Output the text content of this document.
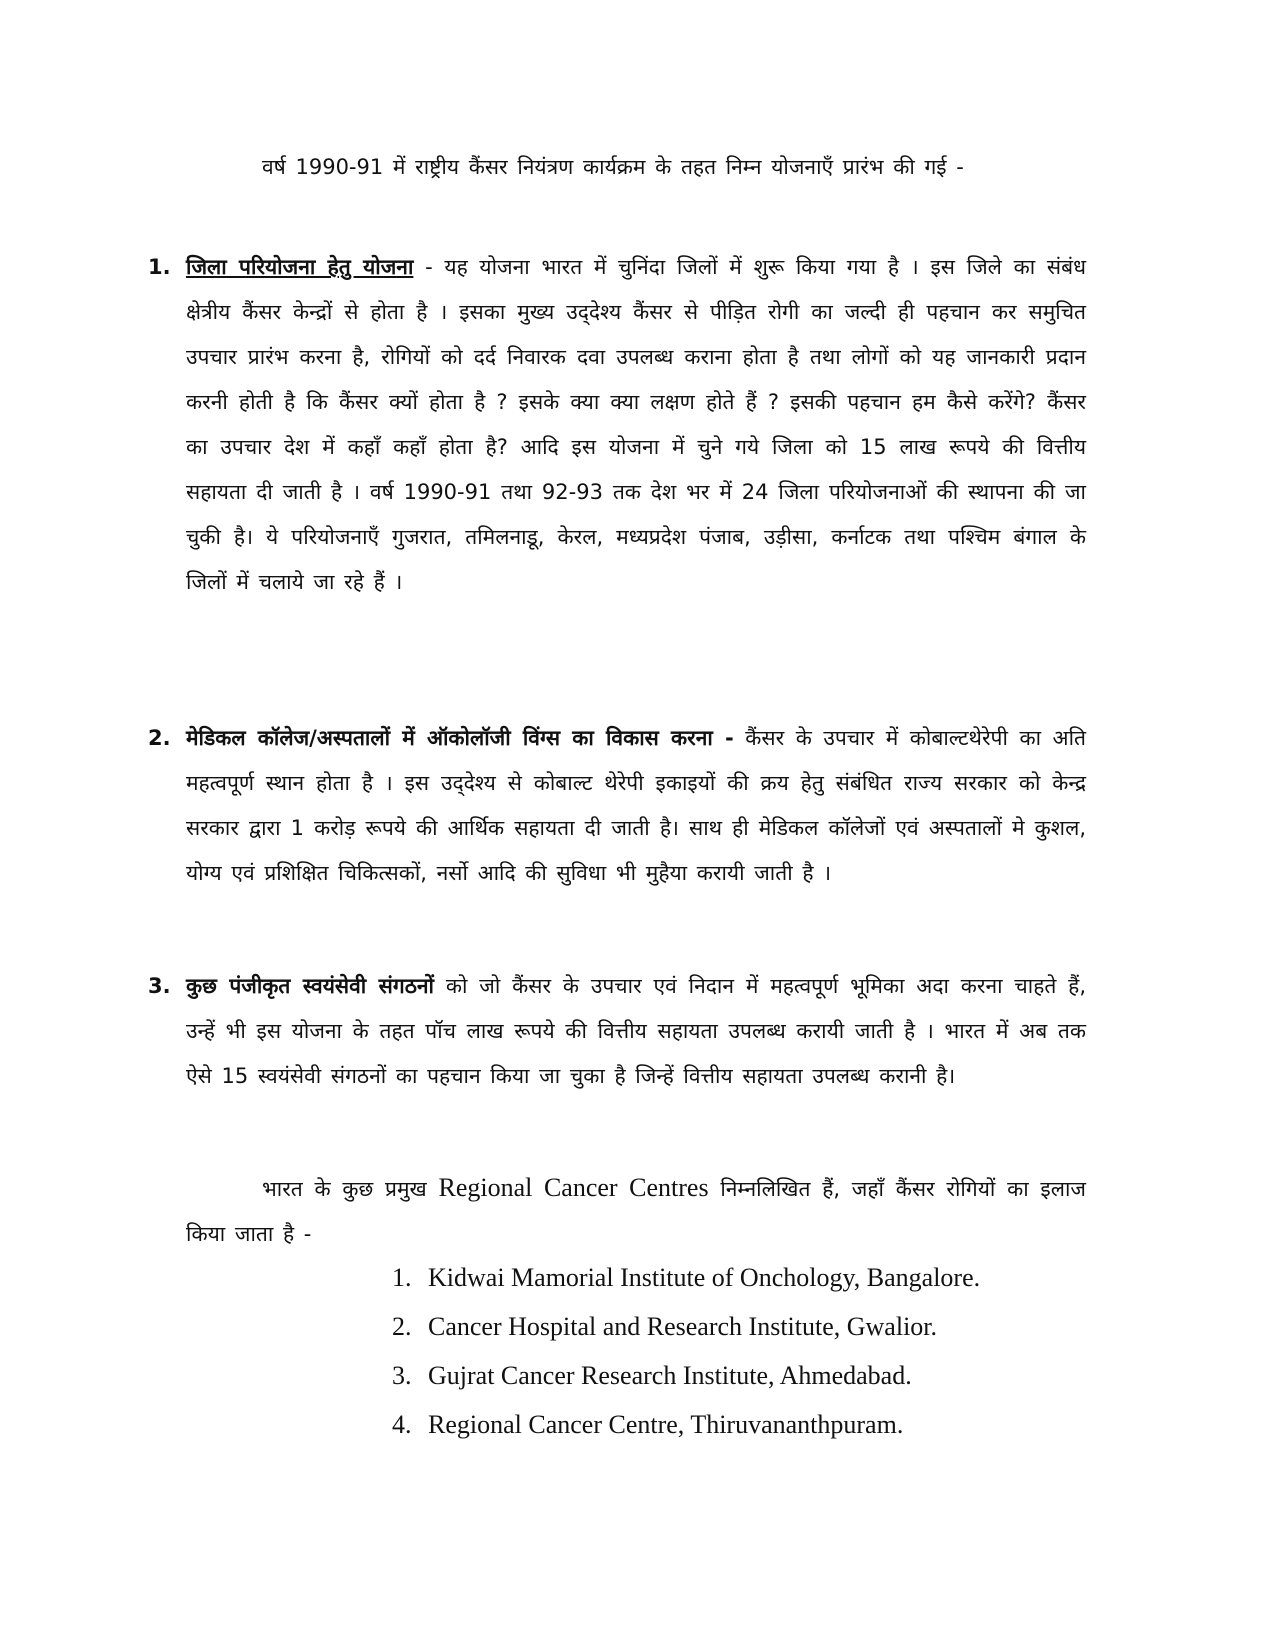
वर्ष 1990-91 में राष्ट्रीय कैंसर नियंत्रण कार्यक्रम के तहत निम्न योजनाएँ प्रारंभ की गई -

1. जिला परियोजना हेतु योजना - यह योजना भारत में चुनिंदा जिलों में शुरू किया गया है । इस जिले का संबंध क्षेत्रीय कैंसर केन्द्रों से होता है । इसका मुख्य उद्‌देश्य कैंसर से पीड़ित रोगी का जल्दी ही पहचान कर समुचित उपचार प्रारंभ करना है, रोगियों को दर्द निवारक दवा उपलब्ध कराना होता है तथा लोगों को यह जानकारी प्रदान करनी होती है कि कैंसर क्यों होता है ? इसके क्या क्या लक्षण होते हैं ? इसकी पहचान हम कैसे करेंगे? कैंसर का उपचार देश में कहाँ कहाँ होता है? आदि इस योजना में चुने गये जिला को 15 लाख रूपये की वित्तीय सहायता दी जाती है । वर्ष 1990-91 तथा 92-93 तक देश भर में 24 जिला परियोजनाओं की स्थापना की जा चुकी है। ये परियोजनाएँ गुजरात, तमिलनाडू, केरल, मध्यप्रदेश पंजाब, उड़ीसा, कर्नाटक तथा पश्चिम बंगाल के जिलों में चलाये जा रहे हैं ।
2. मेडिकल कॉलेज/अस्पतालों में ऑकोलॉजी विंग्स का विकास करना - कैंसर के उपचार में कोबाल्टथेरेपी का अति महत्वपूर्ण स्थान होता है । इस उद्‌देश्य से कोबाल्ट थेरेपी इकाइयों की क्रय हेतु संबंधित राज्य सरकार को केन्द्र सरकार द्वारा 1 करोड़ रूपये की आर्थिक सहायता दी जाती है। साथ ही मेडिकल कॉलेजों एवं अस्पतालों मे कुशल, योग्य एवं प्रशिक्षित चिकित्सकों, नर्सो आदि की सुविधा भी मुहैया करायी जाती है ।
3. कुछ पंजीकृत स्वयंसेवी संगठनों को जो कैंसर के उपचार एवं निदान में महत्वपूर्ण भूमिका अदा करना चाहते हैं, उन्हें भी इस योजना के तहत पॉच लाख रूपये की वित्तीय सहायता उपलब्ध करायी जाती है । भारत में अब तक ऐसे 15 स्वयंसेवी संगठनों का पहचान किया जा चुका है जिन्हें वित्तीय सहायता उपलब्ध करानी है।

भारत के कुछ प्रमुख Regional Cancer Centres निम्नलिखित हैं, जहाँ कैंसर रोगियों का इलाज किया जाता है -

1. Kidwai Mamorial Institute of Onchology, Bangalore.
2. Cancer Hospital and Research Institute, Gwalior.
3. Gujrat Cancer Research Institute, Ahmedabad.
4. Regional Cancer Centre, Thiruvananthpuram.
